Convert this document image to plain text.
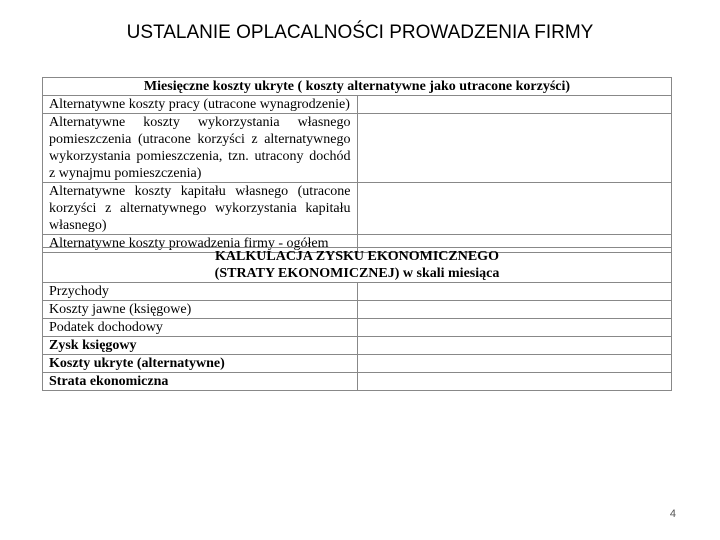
USTALANIE OPLACALNOŚCI PROWADZENIA FIRMY
Miesięczne koszty ukryte ( koszty alternatywne jako utracone korzyści)	
Alternatywne koszty pracy (utracone wynagrodzenie)	
Alternatywne koszty wykorzystania własnego pomieszczenia (utracone korzyści z alternatywnego wykorzystania pomieszczenia, tzn. utracony dochód z wynajmu pomieszczenia)	
Alternatywne koszty kapitału własnego (utracone korzyści z alternatywnego wykorzystania kapitału własnego)	
Alternatywne koszty prowadzenia firmy - ogółem	
KALKULACJA ZYSKU EKONOMICZNEGO
(STRATY EKONOMICZNEJ) w skali miesiąca	

Przychody	
Koszty jawne (księgowe)	
Podatek dochodowy	
Zysk księgowy	
Koszty ukryte (alternatywne)	
Strata ekonomiczna	
4
